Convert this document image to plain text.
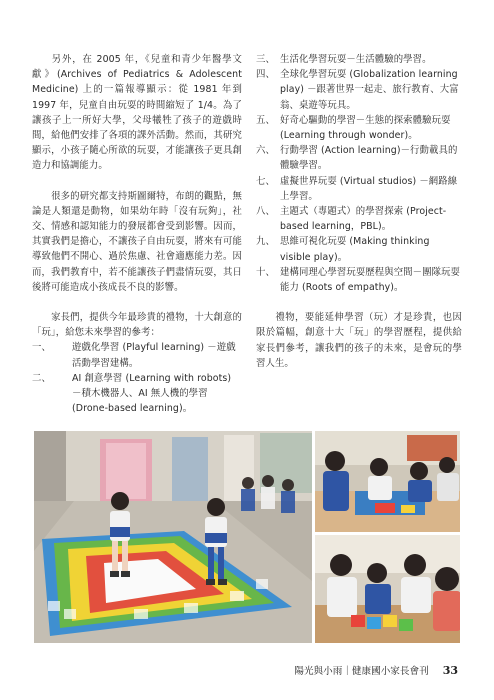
另外，在 2005 年，《兒童和青少年醫學文獻》(Archives of Pediatrics & Adolescent Medicine) 上的一篇報導顯示：從 1981 年到 1997 年，兒童自由玩耍的時間縮短了 1/4。為了讓孩子上一所好大學，父母犧牲了孩子的遊戲時間，給他們安排了各項的課外活動。然而，其研究顯示，小孩子隨心所欲的玩耍，才能讓孩子更具創造力和協調能力。

很多的研究都支持斯圖爾特，布朗的觀點，無論是人類還是動物，如果幼年時「沒有玩夠」，社交、情感和認知能力的發展都會受到影響。因而，其實我們是擔心，不讓孩子自由玩耍，將來有可能導致他們不開心、過於焦慮、社會適應能力差。因而，我們教育中，若不能讓孩子們盡情玩耍，其日後將可能造成小孩成長不良的影響。

家長們，提供今年最珍貴的禮物，十大創意的「玩」，給您未來學習的參考：

一、	遊戲化學習 (Playful learning) －遊戲活動學習建構。
二、	AI 創意學習 (Learning with robots) －積木機器人、AI 無人機的學習 (Drone-based learning)。
三、 生活化學習玩耍－生活體驗的學習。
四、 全球化學習玩耍 (Globalization learning play) －跟著世界一起走、旅行教育、大富翁、桌遊等玩具。
五、 好奇心驅動的學習－生態的探索體驗玩耍 (Learning through wonder)。
六、 行動學習 (Action learning)－行動載具的體驗學習。
七、 虛擬世界玩耍 (Virtual studios) －網路線上學習。
八、 主題式（專題式）的學習探索 (Project-based learning，PBL)。
九、 思維可視化玩耍 (Making thinking visible play)。
十、 建構同理心學習玩耍歷程與空間－團隊玩耍能力 (Roots of empathy)。

禮物，要能延伸學習（玩）才是珍貴，也因限於篇幅，創意十大「玩」的學習歷程，提供給家長們參考，讓我們的孩子的未來，是會玩的學習人生。

陽光與小雨｜健康國小家長會刊 33
